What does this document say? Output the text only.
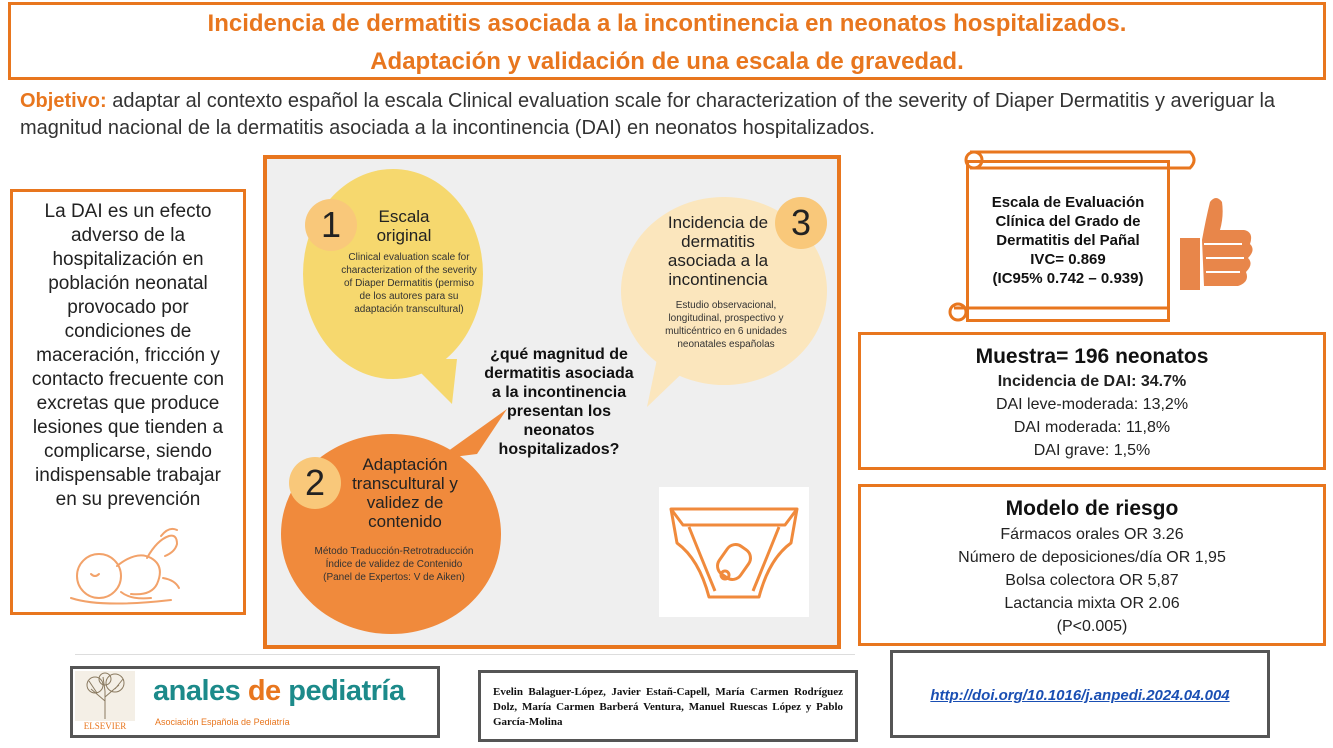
Incidencia de dermatitis asociada a la incontinencia en neonatos hospitalizados.
Adaptación y validación de una escala de gravedad.
Objetivo: adaptar al contexto español la escala Clinical evaluation scale for characterization of the severity of Diaper Dermatitis y averiguar la magnitud nacional de la dermatitis asociada a la incontinencia (DAI) en neonatos hospitalizados.
La DAI es un efecto adverso de la hospitalización en población neonatal provocado por condiciones de maceración, fricción y contacto frecuente con excretas que produce lesiones que tienden a complicarse, siendo indispensable trabajar en su prevención
1	Escala original
Clinical evaluation scale for characterization of the severity of Diaper Dermatitis (permiso de los autores para su adaptación transcultural)
3
Incidencia de dermatitis asociada a la incontinencia
Estudio observacional, longitudinal, prospectivo y multicéntrico en 6 unidades neonatales españolas
2	Adaptación transcultural y validez de contenido
Método Traducción-Retrotraducción Índice de validez de Contenido (Panel de Expertos: V de Aiken)
¿qué magnitud de dermatitis asociada a la incontinencia presentan los neonatos hospitalizados?
Escala de Evaluación
Clínica del Grado de
Dermatitis del Pañal
IVC= 0.869
(IC95% 0.742 – 0.939)
Muestra= 196 neonatos
Incidencia de DAI: 34.7%
DAI leve-moderada: 13,2%
DAI moderada: 11,8%
DAI grave: 1,5%
Modelo de riesgo
Fármacos orales OR 3.26
Número de deposiciones/día OR 1,95
Bolsa colectora OR 5,87
Lactancia mixta OR 2.06
(P<0.005)
ELSEVIER
anales de pediatría
Asociación Española de Pediatría
Evelin Balaguer-López, Javier Estañ-Capell, María Carmen Rodríguez Dolz, María Carmen Barberá Ventura, Manuel Ruescas López y Pablo García-Molina
http://doi.org/10.1016/j.anpedi.2024.04.004
